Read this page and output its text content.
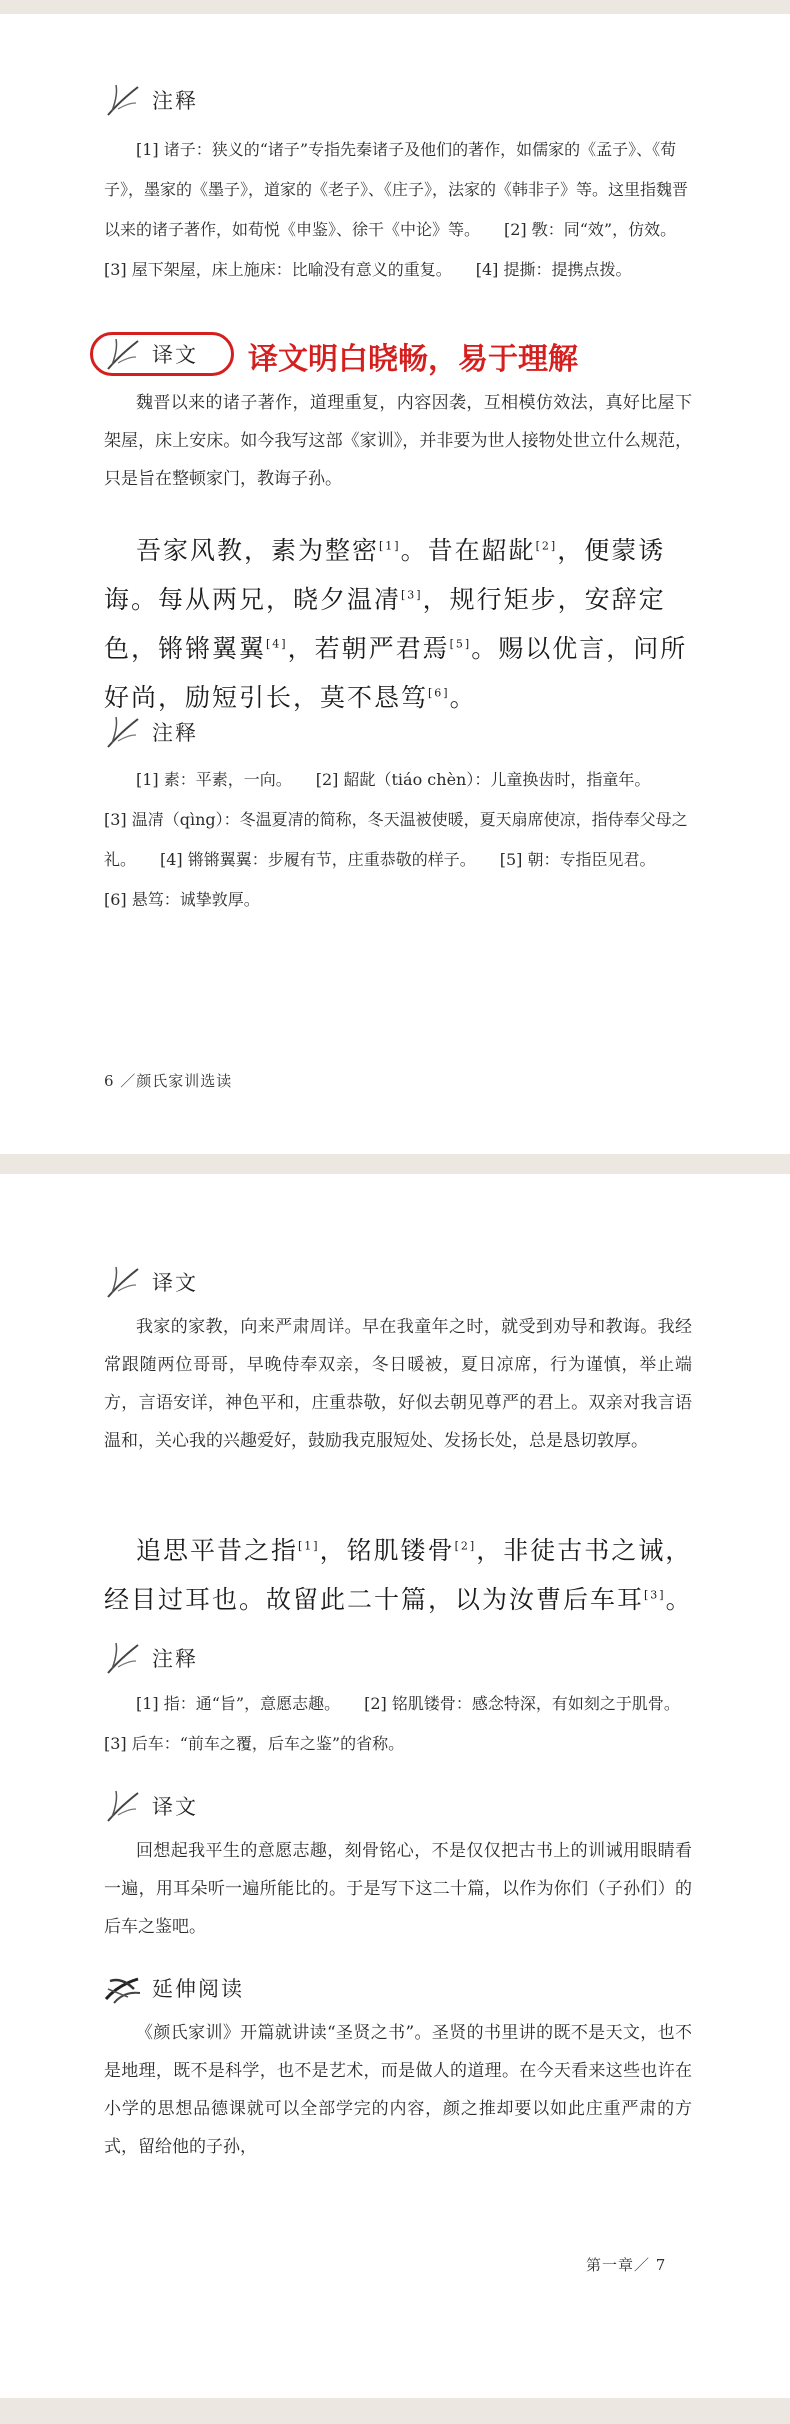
注释

[1] 诸子：狭义的“诸子”专指先秦诸子及他们的著作，如儒家的《孟子》、《荀子》，墨家的《墨子》，道家的《老子》、《庄子》，法家的《韩非子》等。这里指魏晋以来的诸子著作，如荀悦《申鉴》、徐干《中论》等。　　[2] 斆：同“效”，仿效。　　[3] 屋下架屋，床上施床：比喻没有意义的重复。　　[4] 提撕：提携点拨。

译文 译文明白晓畅，易于理解

魏晋以来的诸子著作，道理重复，内容因袭，互相模仿效法，真好比屋下架屋，床上安床。如今我写这部《家训》，并非要为世人接物处世立什么规范，只是旨在整顿家门，教诲子孙。

吾家风教，素为整密[1]。昔在龆龀[2]，便蒙诱诲。每从两兄，晓夕温凊[3]，规行矩步，安辞定色，锵锵翼翼[4]，若朝严君焉[5]。赐以优言，问所好尚，励短引长，莫不恳笃[6]。

注释

[1] 素：平素，一向。　　[2] 龆龀（tiáo chèn）：儿童换齿时，指童年。　　[3] 温凊（qìng）：冬温夏凊的简称，冬天温被使暖，夏天扇席使凉，指侍奉父母之礼。　　[4] 锵锵翼翼：步履有节，庄重恭敬的样子。　　[5] 朝：专指臣见君。　　[6] 悬笃：诚挚敦厚。

6 ／颜氏家训选读
译文

我家的家教，向来严肃周详。早在我童年之时，就受到劝导和教诲。我经常跟随两位哥哥，早晚侍奉双亲，冬日暖被，夏日凉席，行为谨慎，举止端方，言语安详，神色平和，庄重恭敬，好似去朝见尊严的君上。双亲对我言语温和，关心我的兴趣爱好，鼓励我克服短处、发扬长处，总是恳切敦厚。

追思平昔之指[1]，铭肌镂骨[2]，非徒古书之诫，经目过耳也。故留此二十篇，以为汝曹后车耳[3]。

注释

[1] 指：通“旨”，意愿志趣。　　[2] 铭肌镂骨：感念特深，有如刻之于肌骨。　　[3] 后车：“前车之覆，后车之鉴”的省称。

译文

回想起我平生的意愿志趣，刻骨铭心，不是仅仅把古书上的训诫用眼睛看一遍，用耳朵听一遍所能比的。于是写下这二十篇，以作为你们（子孙们）的后车之鉴吧。

延伸阅读

《颜氏家训》开篇就讲读“圣贤之书”。圣贤的书里讲的既不是天文，也不是地理，既不是科学，也不是艺术，而是做人的道理。在今天看来这些也许在小学的思想品德课就可以全部学完的内容，颜之推却要以如此庄重严肃的方式，留给他的子孙，

第一章／ 7
